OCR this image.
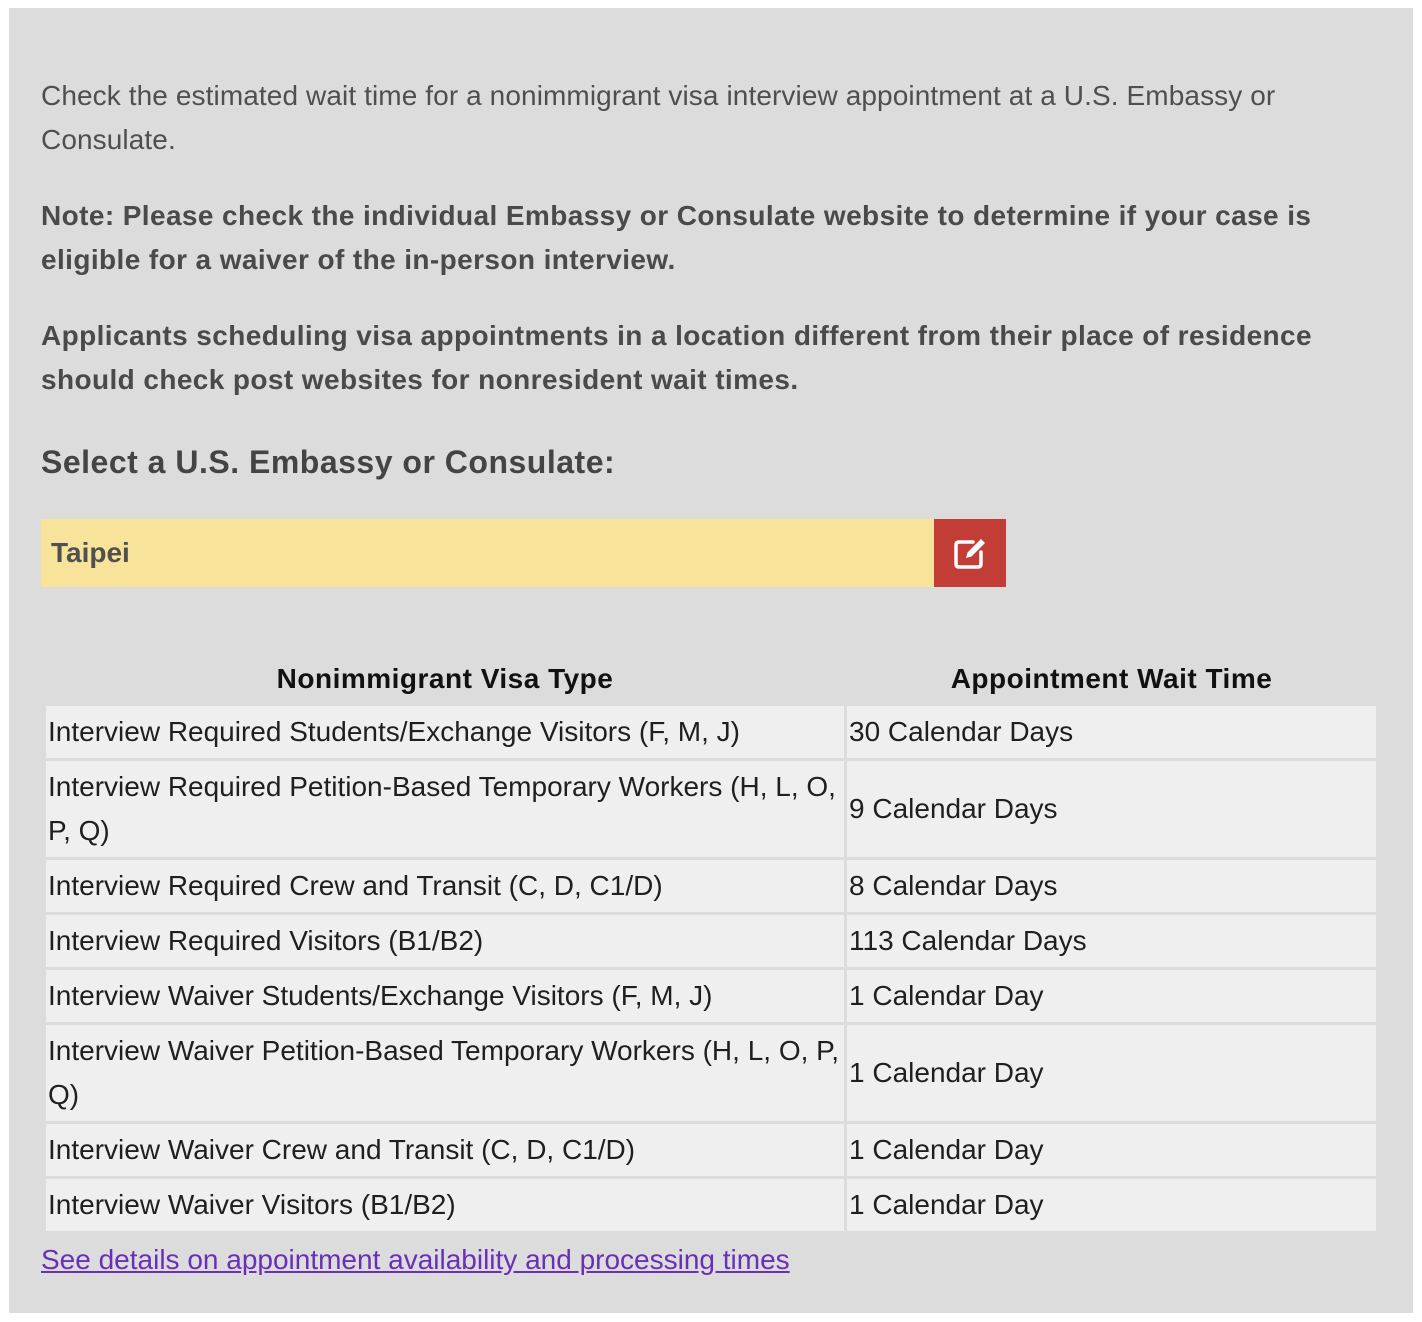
Check the estimated wait time for a nonimmigrant visa interview appointment at a U.S. Embassy or Consulate.

Note: Please check the individual Embassy or Consulate website to determine if your case is eligible for a waiver of the in-person interview.

Applicants scheduling visa appointments in a location different from their place of residence should check post websites for nonresident wait times.

Select a U.S. Embassy or Consulate:
Taipei
Nonimmigrant Visa Type	Appointment Wait Time
Interview Required Students/Exchange Visitors (F, M, J)	30 Calendar Days
Interview Required Petition-Based Temporary Workers (H, L, O, P, Q)	9 Calendar Days
Interview Required Crew and Transit (C, D, C1/D)	8 Calendar Days
Interview Required Visitors (B1/B2)	113 Calendar Days
Interview Waiver Students/Exchange Visitors (F, M, J)	1 Calendar Day
Interview Waiver Petition-Based Temporary Workers (H, L, O, P, Q)	1 Calendar Day
Interview Waiver Crew and Transit (C, D, C1/D)	1 Calendar Day
Interview Waiver Visitors (B1/B2)	1 Calendar Day
See details on appointment availability and processing times
